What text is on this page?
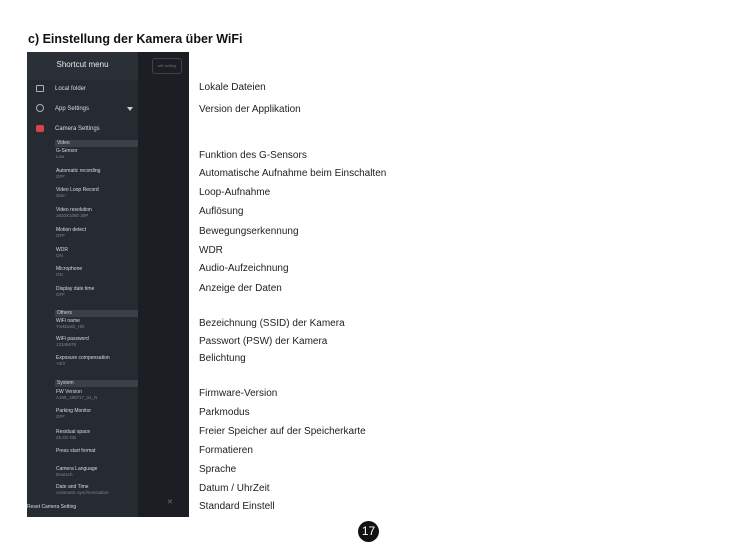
c) Einstellung der Kamera über WiFi
wifi setting
✕
Shortcut menu
Local folder
App Settings
Camera Settings
Video
G-Sensor
Low
Automatic recording
OFF
Video Loop Record
3min
Video resolution
1920X1080 30P
Motion detect
OFF
WDR
ON
Microphone
ON
Display date time
OFF
Others
WiFi name
TrekDash_HD
WiFi password
12345678
Exposure compensation
+0/3
System
FW Version
A198_180717_01_N
Parking Monitor
OFF
Residual space
29.4G GB
Press start format
Camera Language
Deutsch
Date and Time
Automatic synchronization
Reset Camera Setting
Lokale Dateien
Version der Applikation
Funktion des G-Sensors
Automatische Aufnahme beim Einschalten
Loop-Aufnahme
Auflösung
Bewegungserkennung
WDR
Audio-Aufzeichnung
Anzeige der Daten
Bezeichnung (SSID) der Kamera
Passwort (PSW) der Kamera
Belichtung
Firmware-Version
Parkmodus
Freier Speicher auf der Speicherkarte
Formatieren
Sprache
Datum / UhrZeit
Standard Einstell
17
